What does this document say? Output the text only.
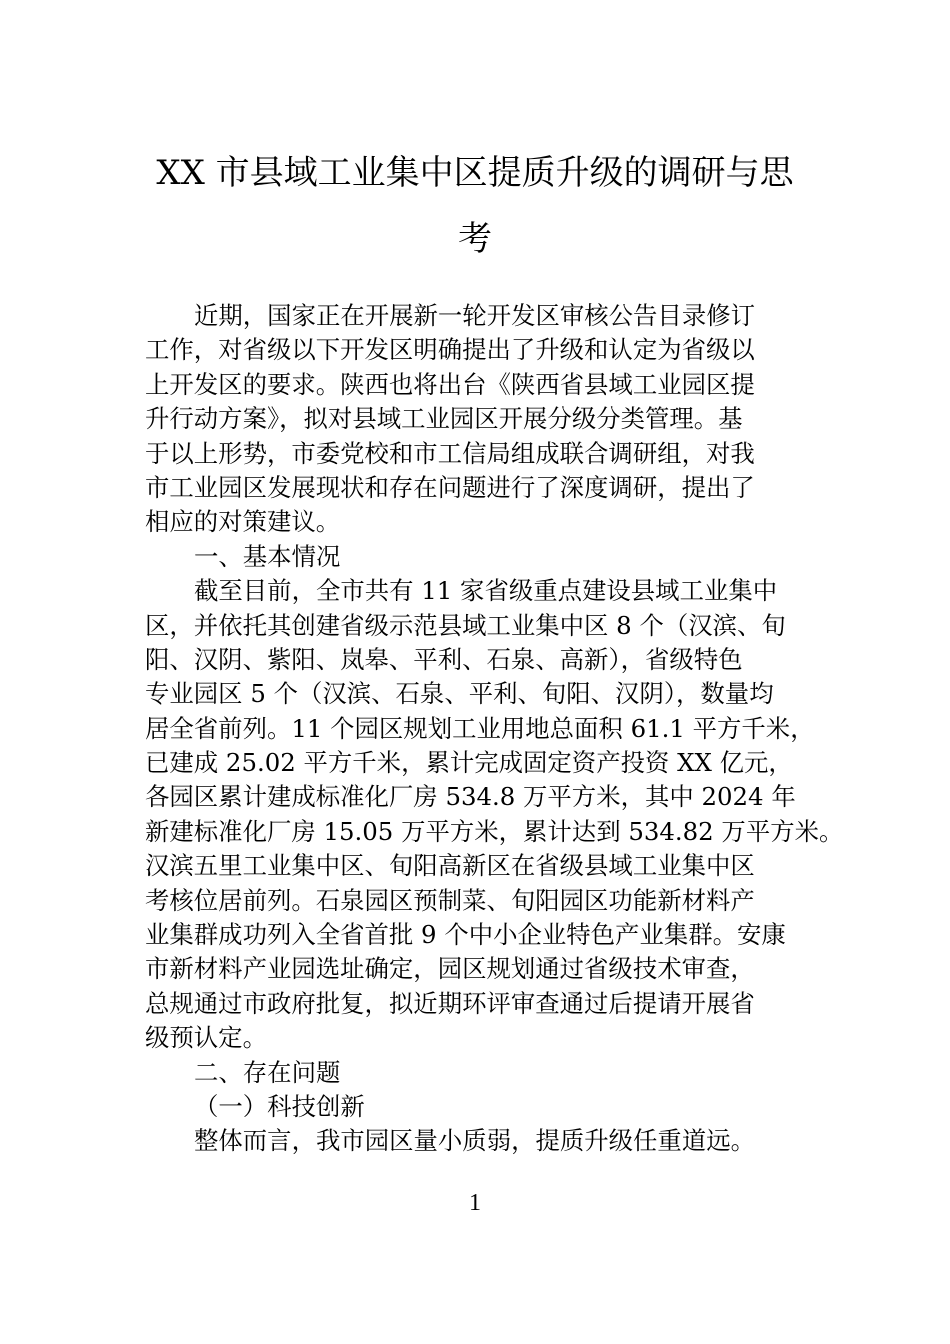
XX 市县域工业集中区提质升级的调研与思
考
近期，国家正在开展新一轮开发区审核公告目录修订
工作，对省级以下开发区明确提出了升级和认定为省级以
上开发区的要求。陕西也将出台《陕西省县域工业园区提
升行动方案》，拟对县域工业园区开展分级分类管理。基
于以上形势，市委党校和市工信局组成联合调研组，对我
市工业园区发展现状和存在问题进行了深度调研，提出了
相应的对策建议。
一、基本情况
截至目前，全市共有 11 家省级重点建设县域工业集中
区，并依托其创建省级示范县域工业集中区 8 个（汉滨、旬
阳、汉阴、紫阳、岚皋、平利、石泉、高新），省级特色
专业园区 5 个（汉滨、石泉、平利、旬阳、汉阴），数量均
居全省前列。11 个园区规划工业用地总面积 61.1 平方千米，
已建成 25.02 平方千米，累计完成固定资产投资 XX 亿元，
各园区累计建成标准化厂房 534.8 万平方米，其中 2024 年
新建标准化厂房 15.05 万平方米，累计达到 534.82 万平方米。
汉滨五里工业集中区、旬阳高新区在省级县域工业集中区
考核位居前列。石泉园区预制菜、旬阳园区功能新材料产
业集群成功列入全省首批 9 个中小企业特色产业集群。安康
市新材料产业园选址确定，园区规划通过省级技术审查，
总规通过市政府批复，拟近期环评审查通过后提请开展省
级预认定。
二、存在问题
（一）科技创新
整体而言，我市园区量小质弱，提质升级任重道远。
1
